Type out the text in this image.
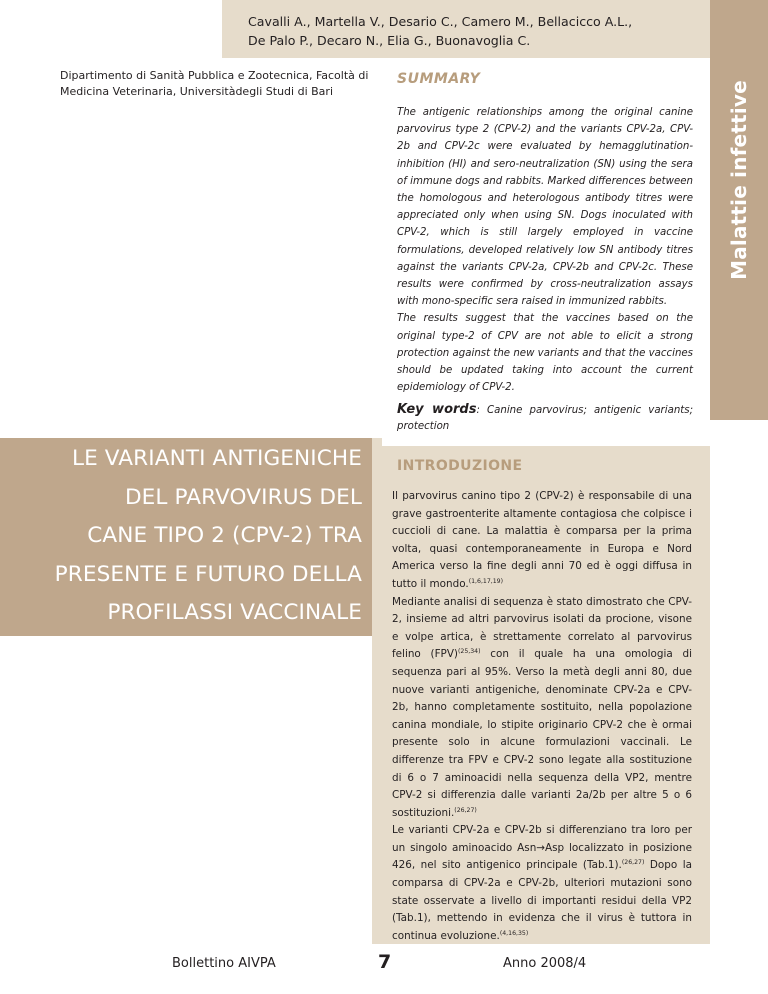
Cavalli A., Martella V., Desario C., Camero M., Bellacicco A.L.,
De Palo P., Decaro N., Elia G., Buonavoglia C.
Malattie infettive
Dipartimento di Sanità Pubblica e Zootecnica, Facoltà di Medicina Veterinaria, Universitàdegli Studi di Bari
SUMMARY

The antigenic relationships among the original canine parvovirus type 2 (CPV-2) and the variants CPV-2a, CPV-2b and CPV-2c were evaluated by hemagglutination-inhibition (HI) and sero-neutralization (SN) using the sera of immune dogs and rabbits. Marked differences between the homologous and heterologous antibody titres were appreciated only when using SN. Dogs inoculated with CPV-2, which is still largely employed in vaccine formulations, developed relatively low SN antibody titres against the variants CPV-2a, CPV-2b and CPV-2c. These results were confirmed by cross-neutralization assays with mono-specific sera raised in immunized rabbits.

The results suggest that the vaccines based on the original type-2 of CPV are not able to elicit a strong protection against the new variants and that the vaccines should be updated taking into account the current epidemiology of CPV-2.

Key words: Canine parvovirus; antigenic variants; protection
LE VARIANTI ANTIGENICHE
DEL PARVOVIRUS DEL
CANE TIPO 2 (CPV-2) TRA
PRESENTE E FUTURO DELLA
PROFILASSI VACCINALE
INTRODUZIONE

Il parvovirus canino tipo 2 (CPV-2) è responsabile di una grave gastroenterite altamente contagiosa che colpisce i cuccioli di cane. La malattia è comparsa per la prima volta, quasi contemporaneamente in Europa e Nord America verso la fine degli anni 70 ed è oggi diffusa in tutto il mondo.$^{(1,6,17,19)}$

Mediante analisi di sequenza è stato dimostrato che CPV-2, insieme ad altri parvovirus isolati da procione, visone e volpe artica, è strettamente correlato al parvovirus felino (FPV)$^{(25,34)}$ con il quale ha una omologia di sequenza pari al 95%. Verso la metà degli anni 80, due nuove varianti antigeniche, denominate CPV-2a e CPV-2b, hanno completamente sostituito, nella popolazione canina mondiale, lo stipite originario CPV-2 che è ormai presente solo in alcune formulazioni vaccinali. Le differenze tra FPV e CPV-2 sono legate alla sostituzione di 6 o 7 aminoacidi nella sequenza della VP2, mentre CPV-2 si differenzia dalle varianti 2a/2b per altre 5 o 6 sostituzioni.$^{(26,27)}$

Le varianti CPV-2a e CPV-2b si differenziano tra loro per un singolo aminoacido Asn→Asp localizzato in posizione 426, nel sito antigenico principale (Tab.1).$^{(26,27)}$ Dopo la comparsa di CPV-2a e CPV-2b, ulteriori mutazioni sono state osservate a livello di importanti residui della VP2 (Tab.1), mettendo in evidenza che il virus è tuttora in continua evoluzione.$^{(4,16,35)}$

Bollettino AIVPA	7	Anno 2008/4
